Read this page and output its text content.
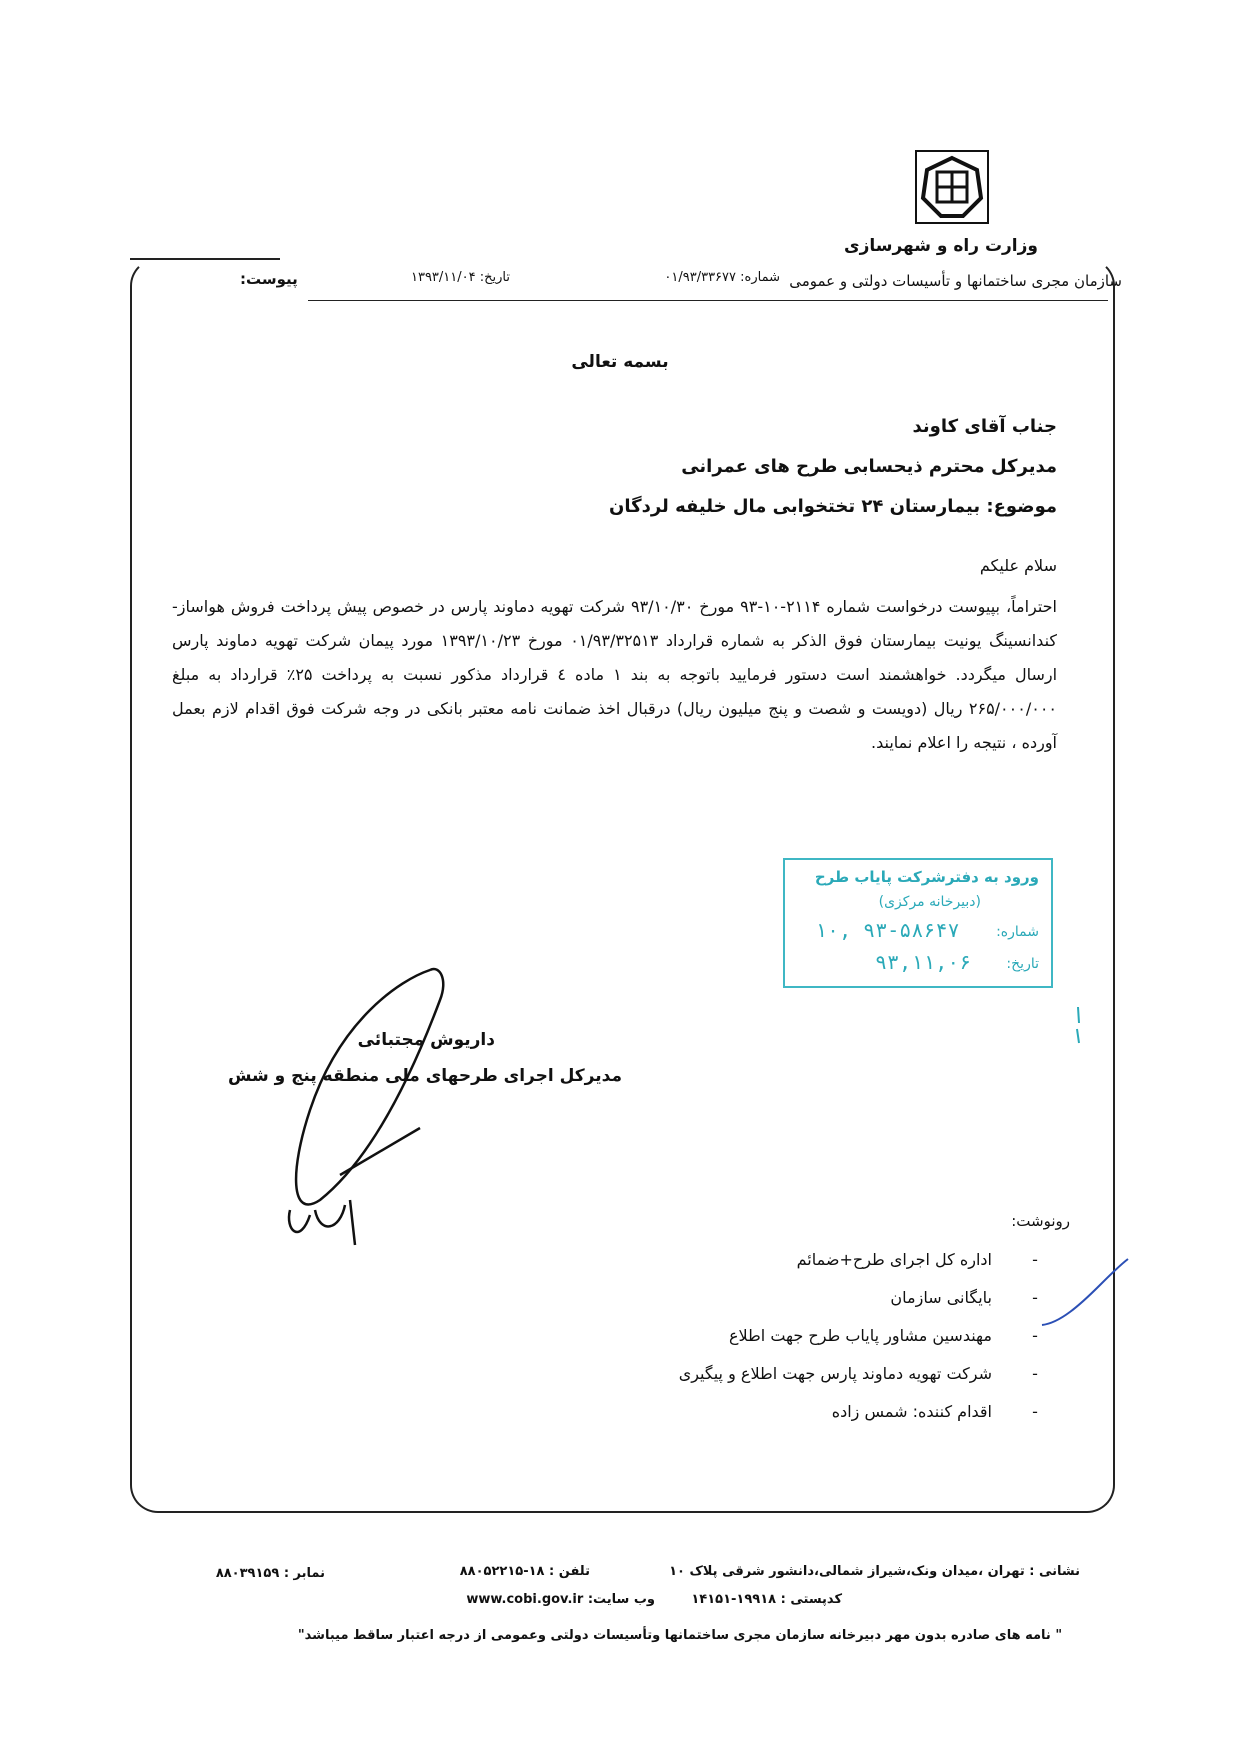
وزارت راه و شهرسازی
سازمان مجری ساختمانها و تأسیسات دولتی و عمومی
شماره: ۰۱/۹۳/۳۳۶۷۷
تاریخ: ۱۳۹۳/۱۱/۰۴
پیوست:
بسمه تعالی
جناب آقای کاوند
مدیرکل محترم ذیحسابی طرح های عمرانی
موضوع: بیمارستان ۲۴ تختخوابی مال خلیفه لردگان
سلام علیکم
احتراماً، بپیوست درخواست شماره ۲۱۱۴-۱۰-۹۳ مورخ ۹۳/۱۰/۳۰ شرکت تهویه دماوند پارس در خصوص پیش پرداخت فروش هواساز- کندانسینگ یونیت بیمارستان فوق الذکر به شماره قرارداد ۰۱/۹۳/۳۲۵۱۳ مورخ ۱۳۹۳/۱۰/۲۳ مورد پیمان شرکت تهویه دماوند پارس ارسال میگردد. خواهشمند است دستور فرمایید باتوجه به بند ۱ ماده ٤ قرارداد مذکور نسبت به پرداخت ۲۵٪ قرارداد به مبلغ ۲۶۵/۰۰۰/۰۰۰ ریال (دویست و شصت و پنج میلیون ریال) درقبال اخذ ضمانت نامه معتبر بانکی در وجه شرکت فوق اقدام لازم بعمل آورده ، نتیجه را اعلام نمایند.
ورود به دفترشرکت پایاب طرح
(دبیرخانه مرکزی)
شماره:
تاریخ:
۱۰, ۹۳-۵۸۶۴۷
۹۳,۱۱,۰۶
داریوش مجتبائی
مدیرکل اجرای طرحهای ملی منطقه پنج و شش
رونوشت:
-اداره کل اجرای طرح+ضمائم
-بایگانی سازمان
-مهندسین مشاور پایاب طرح جهت اطلاع
-شرکت تهویه دماوند پارس جهت اطلاع و پیگیری
-اقدام کننده: شمس زاده
نشانی : تهران ،میدان ونک،شیراز شمالی،دانشور شرقی پلاک ۱۰
تلفن : ۱۸-۸۸۰۵۲۲۱۵
نمابر : ۸۸۰۳۹۱۵۹
کدپستی : ۱۹۹۱۸-۱۴۱۵۱
www.cobi.gov.ir وب سایت:
" نامه های صادره بدون مهر دبیرخانه سازمان مجری ساختمانها وتأسیسات دولتی وعمومی از درجه اعتبار ساقط میباشد"
